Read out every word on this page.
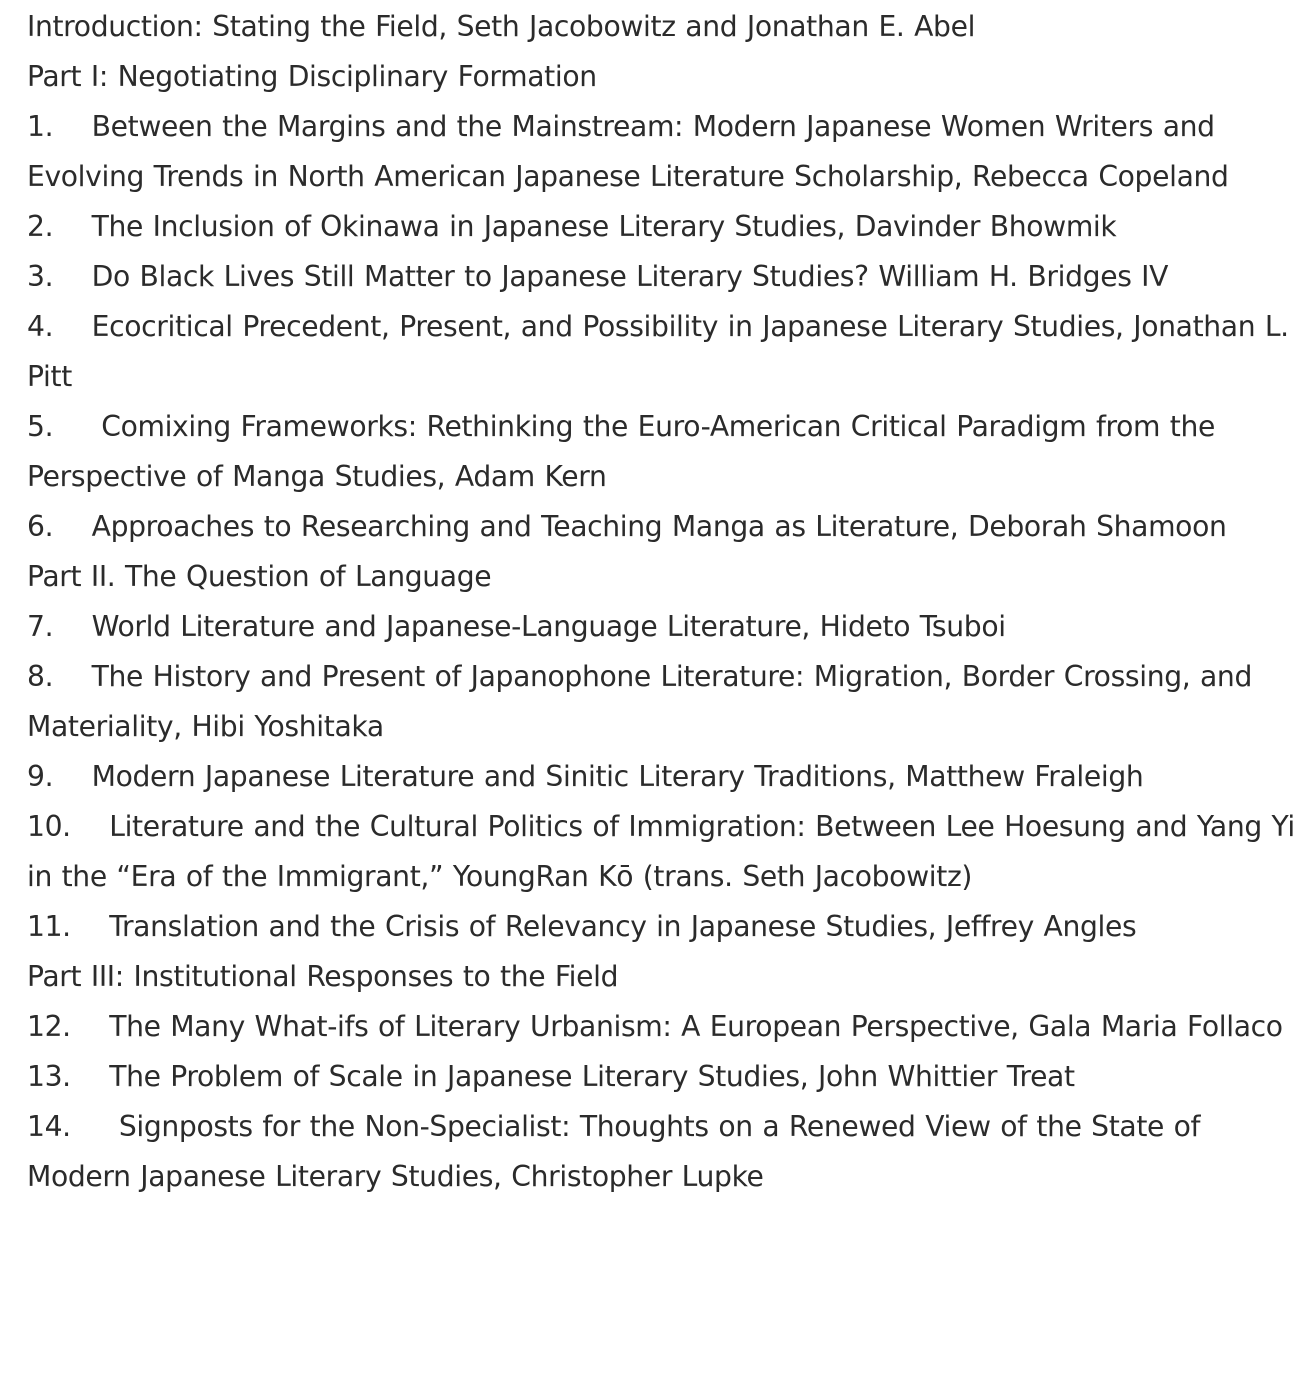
Introduction: Stating the Field, Seth Jacobowitz and Jonathan E. Abel

Part I: Negotiating Disciplinary Formation

1.    Between the Margins and the Mainstream: Modern Japanese Women Writers and Evolving Trends in North American Japanese Literature Scholarship, Rebecca Copeland

2.    The Inclusion of Okinawa in Japanese Literary Studies, Davinder Bhowmik

3.    Do Black Lives Still Matter to Japanese Literary Studies? William H. Bridges IV

4.    Ecocritical Precedent, Present, and Possibility in Japanese Literary Studies, Jonathan L. Pitt

5.     Comixing Frameworks: Rethinking the Euro-American Critical Paradigm from the Perspective of Manga Studies, Adam Kern

6.    Approaches to Researching and Teaching Manga as Literature, Deborah Shamoon

Part II. The Question of Language

7.    World Literature and Japanese-Language Literature, Hideto Tsuboi

8.    The History and Present of Japanophone Literature: Migration, Border Crossing, and Materiality, Hibi Yoshitaka

9.    Modern Japanese Literature and Sinitic Literary Traditions, Matthew Fraleigh

10.    Literature and the Cultural Politics of Immigration: Between Lee Hoesung and Yang Yi in the “Era of the Immigrant,” YoungRan Kō (trans. Seth Jacobowitz)

11.    Translation and the Crisis of Relevancy in Japanese Studies, Jeffrey Angles

Part III: Institutional Responses to the Field

12.    The Many What-ifs of Literary Urbanism: A European Perspective, Gala Maria Follaco

13.    The Problem of Scale in Japanese Literary Studies, John Whittier Treat

14.     Signposts for the Non-Specialist: Thoughts on a Renewed View of the State of Modern Japanese Literary Studies, Christopher Lupke
